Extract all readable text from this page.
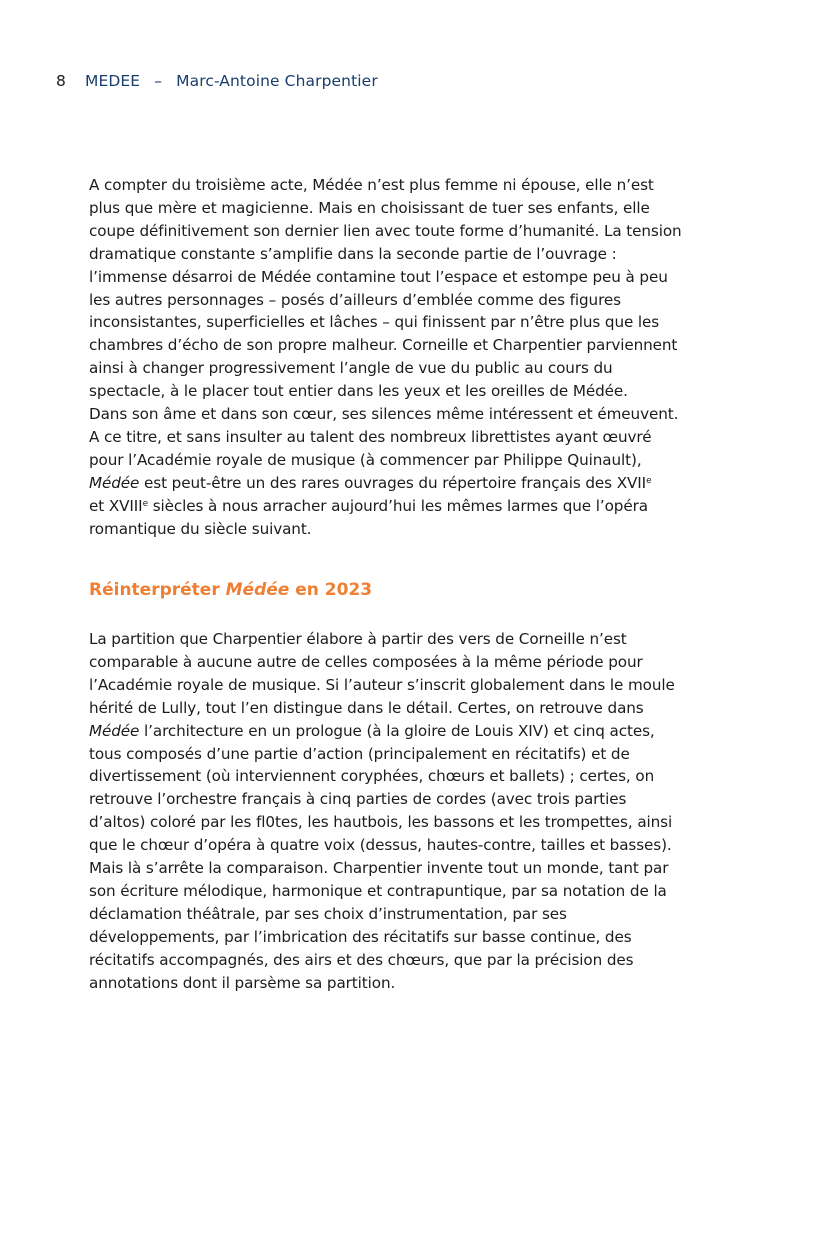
8 MEDEE – Marc-Antoine Charpentier
A compter du troisième acte, Médée n’est plus femme ni épouse, elle n’est
plus que mère et magicienne. Mais en choisissant de tuer ses enfants, elle
coupe définitivement son dernier lien avec toute forme d’humanité. La tension
dramatique constante s’amplifie dans la seconde partie de l’ouvrage :
l’immense désarroi de Médée contamine tout l’espace et estompe peu à peu
les autres personnages – posés d’ailleurs d’emblée comme des figures
inconsistantes, superficielles et lâches – qui finissent par n’être plus que les
chambres d’écho de son propre malheur. Corneille et Charpentier parviennent
ainsi à changer progressivement l’angle de vue du public au cours du
spectacle, à le placer tout entier dans les yeux et les oreilles de Médée.
Dans son âme et dans son cœur, ses silences même intéressent et émeuvent.
A ce titre, et sans insulter au talent des nombreux librettistes ayant œuvré
pour l’Académie royale de musique (à commencer par Philippe Quinault),
Médée est peut-être un des rares ouvrages du répertoire français des XVIIe
et XVIIIe siècles à nous arracher aujourd’hui les mêmes larmes que l’opéra
romantique du siècle suivant.
Réinterpréter Médée en 2023
La partition que Charpentier élabore à partir des vers de Corneille n’est
comparable à aucune autre de celles composées à la même période pour
l’Académie royale de musique. Si l’auteur s’inscrit globalement dans le moule
hérité de Lully, tout l’en distingue dans le détail. Certes, on retrouve dans
Médée l’architecture en un prologue (à la gloire de Louis XIV) et cinq actes,
tous composés d’une partie d’action (principalement en récitatifs) et de
divertissement (où interviennent coryphées, chœurs et ballets) ; certes, on
retrouve l’orchestre français à cinq parties de cordes (avec trois parties
d’altos) coloré par les fl0tes, les hautbois, les bassons et les trompettes, ainsi
que le chœur d’opéra à quatre voix (dessus, hautes-contre, tailles et basses).
Mais là s’arrête la comparaison. Charpentier invente tout un monde, tant par
son écriture mélodique, harmonique et contrapuntique, par sa notation de la
déclamation théâtrale, par ses choix d’instrumentation, par ses
développements, par l’imbrication des récitatifs sur basse continue, des
récitatifs accompagnés, des airs et des chœurs, que par la précision des
annotations dont il parsème sa partition.
